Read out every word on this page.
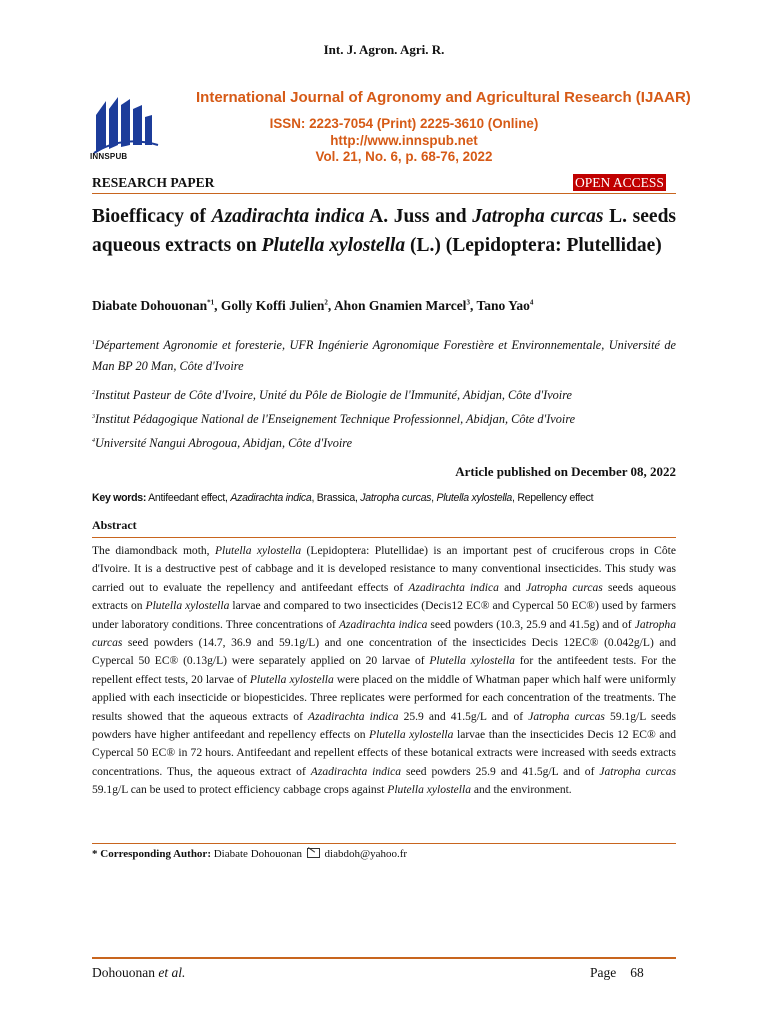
Int. J. Agron. Agri. R.
INNSPUB
International Journal of Agronomy and Agricultural Research (IJAAR)
ISSN: 2223-7054 (Print) 2225-3610 (Online)
http://www.innspub.net
Vol. 21, No. 6, p. 68-76, 2022
RESEARCH PAPER	OPEN ACCESS
Bioefficacy of Azadirachta indica A. Juss and Jatropha curcas L. seeds aqueous extracts on Plutella xylostella (L.) (Lepidoptera: Plutellidae)
Diabate Dohouonan$^{*1}$, Golly Koffi Julien$^2$, Ahon Gnamien Marcel$^3$, Tano Yao$^4$
$^1$Département Agronomie et foresterie, UFR Ingénierie Agronomique Forestière et Environnementale, Université de Man BP 20 Man, Côte d'Ivoire
$^2$Institut Pasteur de Côte d'Ivoire, Unité du Pôle de Biologie de l'Immunité, Abidjan, Côte d'Ivoire
$^3$Institut Pédagogique National de l'Enseignement Technique Professionnel, Abidjan, Côte d'Ivoire
$^4$Université Nangui Abrogoua, Abidjan, Côte d'Ivoire
Article published on December 08, 2022
Key words: Antifeedant effect, Azadirachta indica, Brassica, Jatropha curcas, Plutella xylostella, Repellency effect
Abstract

The diamondback moth, Plutella xylostella (Lepidoptera: Plutellidae) is an important pest of cruciferous crops in Côte d'Ivoire. It is a destructive pest of cabbage and it is developed resistance to many conventional insecticides. This study was carried out to evaluate the repellency and antifeedant effects of Azadirachta indica and Jatropha curcas seeds aqueous extracts on Plutella xylostella larvae and compared to two insecticides (Decis12 EC® and Cypercal 50 EC®) used by farmers under laboratory conditions. Three concentrations of Azadirachta indica seed powders (10.3, 25.9 and 41.5g) and of Jatropha curcas seed powders (14.7, 36.9 and 59.1g/L) and one concentration of the insecticides Decis 12EC® (0.042g/L) and Cypercal 50 EC® (0.13g/L) were separately applied on 20 larvae of Plutella xylostella for the antifeedent tests. For the repellent effect tests, 20 larvae of Plutella xylostella were placed on the middle of Whatman paper which half were uniformly applied with each insecticide or biopesticides. Three replicates were performed for each concentration of the treatments. The results showed that the aqueous extracts of Azadirachta indica 25.9 and 41.5g/L and of Jatropha curcas 59.1g/L seeds powders have higher antifeedant and repellency effects on Plutella xylostella larvae than the insecticides Decis 12 EC® and Cypercal 50 EC® in 72 hours. Antifeedant and repellent effects of these botanical extracts were increased with seeds extracts concentrations. Thus, the aqueous extract of Azadirachta indica seed powders 25.9 and 41.5g/L and of Jatropha curcas 59.1g/L can be used to protect efficiency cabbage crops against Plutella xylostella and the environment.

* Corresponding Author: Diabate Dohouonan  diabdoh@yahoo.fr
Dohouonan et al.	Page 68
